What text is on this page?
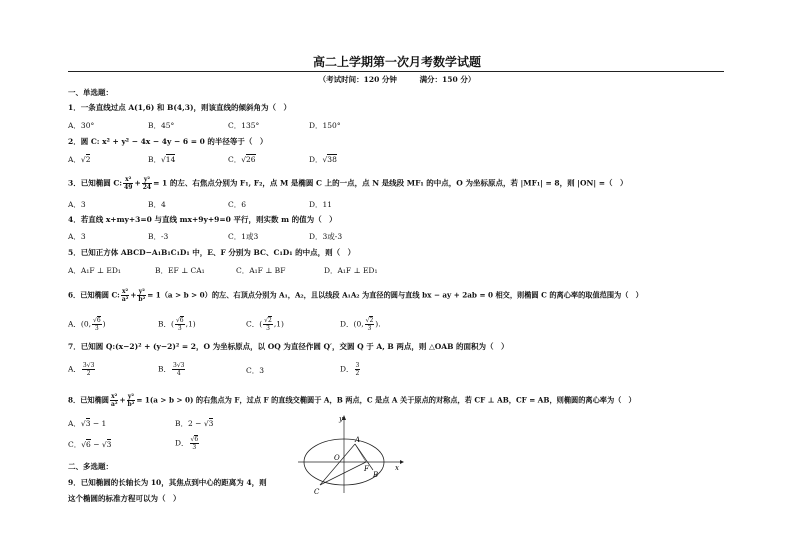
高二上学期第一次月考数学试题
（考试时间：120 分钟	满分：150 分）
一、单选题：
1．一条直线过点 A(1,6) 和 B(4,3)，则该直线的倾斜角为（　）
A．30°	B．45°	C．135°	D．150°
2．圆 C: x² + y² − 4x − 4y − 6 = 0 的半径等于（　）
A．√2	B．√14	C．√26	D．√38
3．已知椭圆 C: $\frac{\text{x²}}{49} + \frac{\text{y²}}{24} = 1$ 的左、右焦点分别为 F₁, F₂，点 M 是椭圆 C 上的一点，点 N 是线段 MF₁ 的中点，O 为坐标原点，若 |MF₁| = 8，则 |ON| =（　）
A．3	B．4	C．6	D．11
4．若直线 x+my+3=0 与直线 mx+9y+9=0 平行，则实数 m 的值为（　）
A．3	B．-3	C．1或3	D．3或-3
5．已知正方体 ABCD−A₁B₁C₁D₁ 中，E、F 分别为 BC、C₁D₁ 的中点，则（　）
A．A₁F ⊥ ED₁	B．EF ⊥ CA₁	C．A₁F ⊥ BF	D．A₁F ⊥ ED₁
6．已知椭圆 C: $\frac{\text{x²}}{\text{a²}} + \frac{\text{y²}}{\text{b²}} = 1(a > b > 0)$的左、右顶点分别为 A₁，A₂，且以线段 A₁A₂ 为直径的圆与直线 bx − ay + 2ab = 0 相交，则椭圆 C 的离心率的取值范围为（　）
A．(0, $\frac{√6}{3}$ )	B．( $\frac{√6}{3} ,1$)	C．( $\frac{√2}{3} ,1$)	D．(0, $\frac{√2}{3}$ ).
7．已知圆 Q:(x−2)² + (y−2)² = 2，O 为坐标原点，以 OQ 为直径作圆 Q′，交圆 Q 于 A, B 两点，则 △OAB 的面积为（　）
A． $\frac{3√3}{2}$	B． $\frac{3√3}{4}$	C．3	D． $\frac{3}{2}$
8．已知椭圆 $\frac{\text{x²}}{\text{a²}} + \frac{\text{y²}}{\text{b²}} = 1(a > b > 0)$ 的右焦点为 F，过点 F 的直线交椭圆于 A，B 两点，C 是点 A 关于原点的对称点，若 CF ⊥ AB，CF = AB，则椭圆的离心率为（　）
A．√3 − 1	B．2 − √3
C．√6 − √3	D． $\frac{√6}{3}$
y
x
O
A
B
C
F
二、多选题：
9．已知椭圆的长轴长为 10，其焦点到中心的距离为 4，则
这个椭圆的标准方程可以为（　）
